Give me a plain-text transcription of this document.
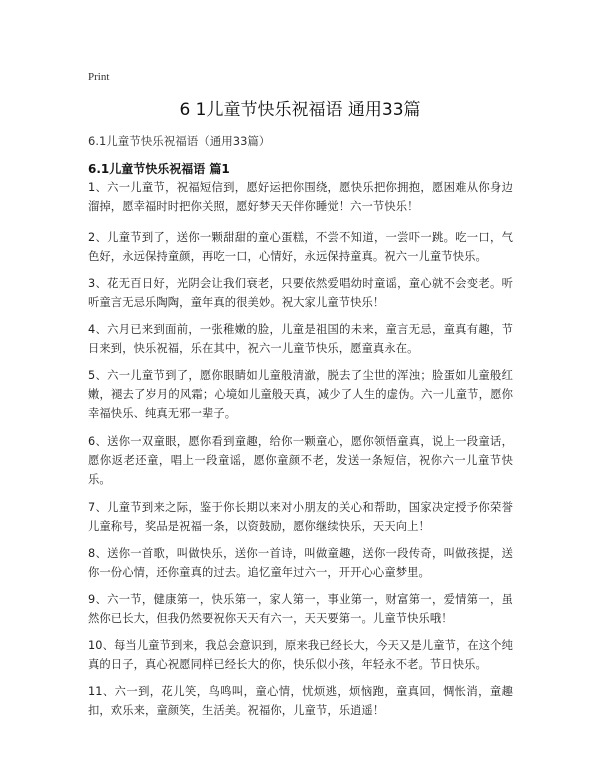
Print
6 1儿童节快乐祝福语 通用33篇

6.1儿童节快乐祝福语（通用33篇）

6.1儿童节快乐祝福语 篇1

1、六一儿童节，祝福短信到，愿好运把你围绕，愿快乐把你拥抱，愿困难从你身边溜掉，愿幸福时时把你关照，愿好梦天天伴你睡觉！六一节快乐！

2、儿童节到了，送你一颗甜甜的童心蛋糕，不尝不知道，一尝吓一跳。吃一口，气色好，永远保持童颜，再吃一口，心情好，永远保持童真。祝六一儿童节快乐。

3、花无百日好，光阴会让我们衰老，只要依然爱唱幼时童谣，童心就不会变老。听听童言无忌乐陶陶，童年真的很美妙。祝大家儿童节快乐！

4、六月已来到面前，一张稚嫩的脸，儿童是祖国的未来，童言无忌，童真有趣，节日来到，快乐祝福，乐在其中，祝六一儿童节快乐，愿童真永在。

5、六一儿童节到了，愿你眼睛如儿童般清澈，脱去了尘世的浑浊；脸蛋如儿童般红嫩，褪去了岁月的风霜；心境如儿童般天真，减少了人生的虚伪。六一儿童节，愿你幸福快乐、纯真无邪一辈子。

6、送你一双童眼，愿你看到童趣，给你一颗童心，愿你领悟童真，说上一段童话，愿你返老还童，唱上一段童谣，愿你童颜不老，发送一条短信，祝你六一儿童节快乐。

7、儿童节到来之际，鉴于你长期以来对小朋友的关心和帮助，国家决定授予你荣誉儿童称号，奖品是祝福一条，以资鼓励，愿你继续快乐，天天向上！

8、送你一首歌，叫做快乐，送你一首诗，叫做童趣，送你一段传奇，叫做孩提，送你一份心情，还你童真的过去。追忆童年过六一，开开心心童梦里。

9、六一节，健康第一，快乐第一，家人第一，事业第一，财富第一，爱情第一，虽然你已长大，但我仍然要祝你天天有六一，天天要第一。儿童节快乐哦！

10、每当儿童节到来，我总会意识到，原来我已经长大，今天又是儿童节，在这个纯真的日子，真心祝愿同样已经长大的你，快乐似小孩，年轻永不老。节日快乐。

11、六一到，花儿笑，鸟鸣叫，童心情，忧烦逃，烦恼跑，童真回，惆怅消，童趣扣，欢乐来，童颜笑，生活美。祝福你，儿童节，乐逍遥！
